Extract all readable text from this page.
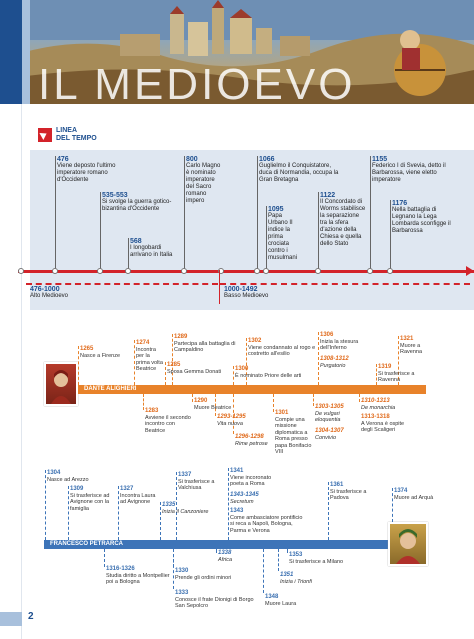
IL MEDIOEVO
LINEA
DEL TEMPO
476
Viene deposto l'ultimo imperatore romano d'Occidente
535-553
Si svolge la guerra gotico-bizantina d'Occidente
568
I longobardi arrivano in Italia
800
Carlo Magno è nominato imperatore del Sacro romano impero
1066
Guglielmo il Conquistatore, duca di Normandia, occupa la Gran Bretagna
1095
Papa Urbano II indice la prima crociata contro i musulmani
1122
Il Concordato di Worms stabilisce la separazione tra la sfera d'azione della Chiesa e quella dello Stato
1155
Federico I di Svevia, detto il Barbarossa, viene eletto imperatore
1176
Nella battaglia di Legnano la Lega Lombarda sconfigge il Barbarossa
476-1000
Alto Medioevo
1000-1492
Basso Medioevo
DANTE ALIGHIERI
1265
Nasce a Firenze
1274
Incontra per la prima volta Beatrice
1289
Partecipa alla battaglia di Campaldino
1285
Sposa Gemma Donati
1302
Viene condannato al rogo e costretto all'esilio
1300
È nominato Priore delle arti
1306
Inizia la stesura dell'Inferno
1308-1312
Purgatorio
1321
Muore a Ravenna
1319
Si trasferisce a Ravenna
1283
Avviene il secondo incontro con Beatrice
1290
Muore Beatrice
1293-1295
Vita nuova
1296-1298
Rime petrose
1301
Compie una missione diplomatica a Roma presso papa Bonifacio VIII
1303-1305
De vulgari eloquentia
1304-1307
Convivio
1310-1313
De monarchia
1313-1318
A Verona è ospite degli Scaligeri
FRANCESCO PETRARCA
1304
Nasce ad Arezzo
1309
Si trasferisce ad Avignone con la famiglia
1327
Incontra Laura ad Avignone	1335
Inizia il Canzoniere
1337
Si trasferisce a Valchiusa
1341
Viene incoronato poeta a Roma
1343-1345
Secretum
1343
Come ambasciatore pontificio si reca a Napoli, Bologna, Parma e Verona
1361
Si trasferisce a Padova
1374
Muore ad Arquà
1316-1326
Studia diritto a Montpellier poi a Bologna
1330
Prende gli ordini minori
1333
Conosce il frate Dionigi di Borgo San Sepolcro
1338
Africa
1351
Inizia i Trionfi
1348
Muore Laura
1353
Si trasferisce a Milano
2
